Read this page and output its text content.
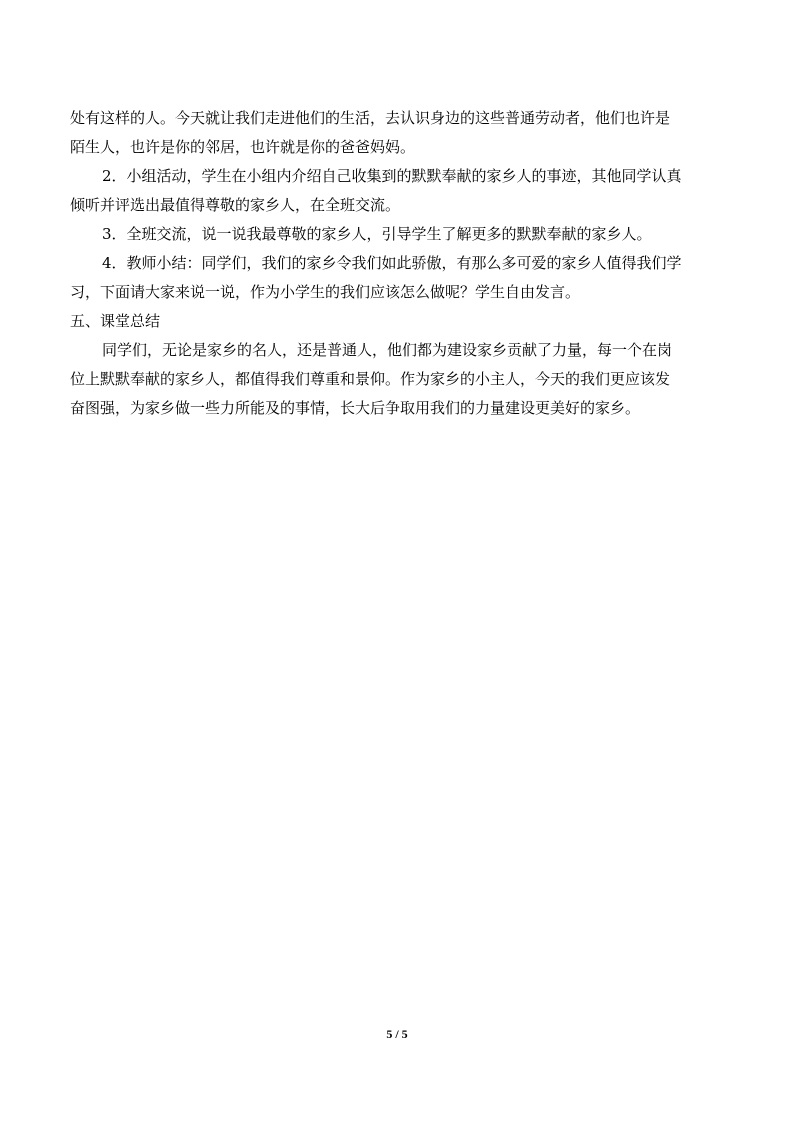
处有这样的人。今天就让我们走进他们的生活，去认识身边的这些普通劳动者，他们也许是
陌生人，也许是你的邻居，也许就是你的爸爸妈妈。
2．小组活动，学生在小组内介绍自己收集到的默默奉献的家乡人的事迹，其他同学认真
倾听并评选出最值得尊敬的家乡人，在全班交流。
3．全班交流，说一说我最尊敬的家乡人，引导学生了解更多的默默奉献的家乡人。
4．教师小结：同学们，我们的家乡令我们如此骄傲，有那么多可爱的家乡人值得我们学
习，下面请大家来说一说，作为小学生的我们应该怎么做呢？学生自由发言。
五、课堂总结
同学们，无论是家乡的名人，还是普通人，他们都为建设家乡贡献了力量，每一个在岗
位上默默奉献的家乡人，都值得我们尊重和景仰。作为家乡的小主人，今天的我们更应该发
奋图强，为家乡做一些力所能及的事情，长大后争取用我们的力量建设更美好的家乡。
5 / 5
